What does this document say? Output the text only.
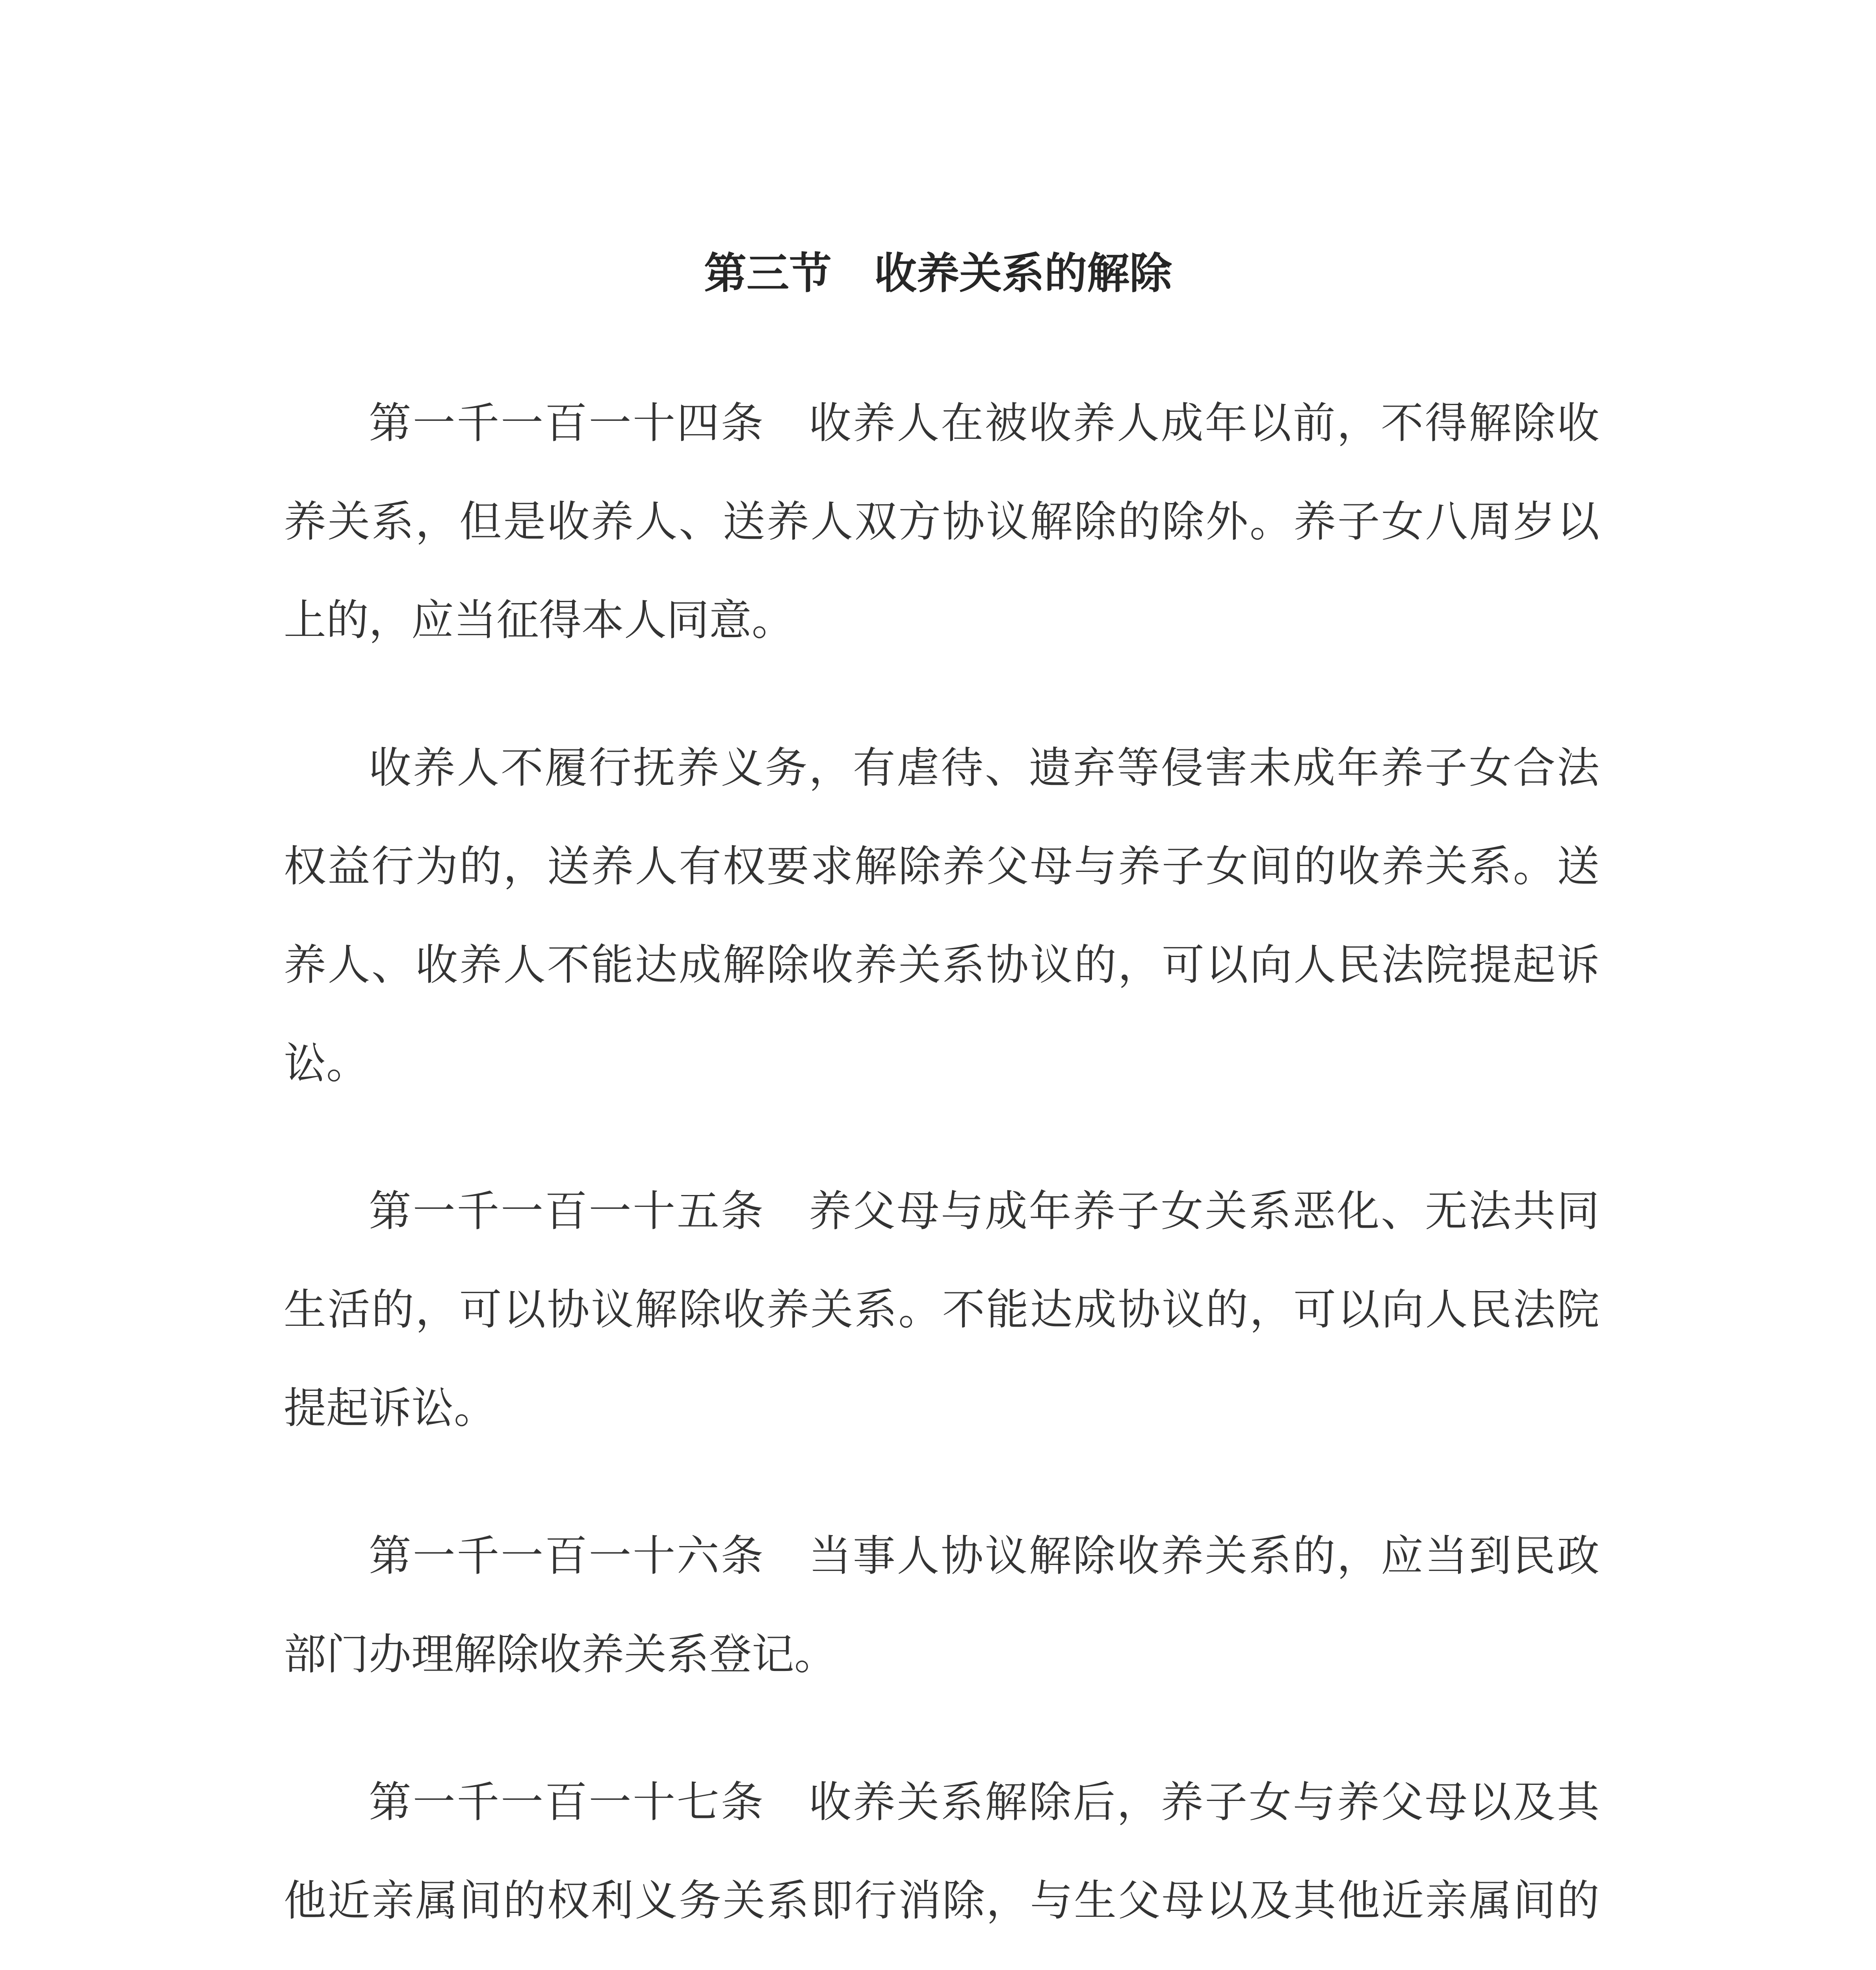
第三节　收养关系的解除

第一千一百一十四条　 收养人在被收养人成年以前，不得解除收养关系，但是收养人、送养人双方协议解除的除外。养子女八周岁以上的，应当征得本人同意。

收养人不履行抚养义务，有虐待、遗弃等侵害未成年养子女合法权益行为的，送养人有权要求解除养父母与养子女间的收养关系。送养人、收养人不能达成解除收养关系协议的，可以向人民法院提起诉讼。

第一千一百一十五条　 养父母与成年养子女关系恶化、无法共同生活的，可以协议解除收养关系。不能达成协议的，可以向人民法院提起诉讼。

第一千一百一十六条　 当事人协议解除收养关系的，应当到民政部门办理解除收养关系登记。

第一千一百一十七条　 收养关系解除后，养子女与养父母以及其他近亲属间的权利义务关系即行消除，与生父母以及其他近亲属间的
